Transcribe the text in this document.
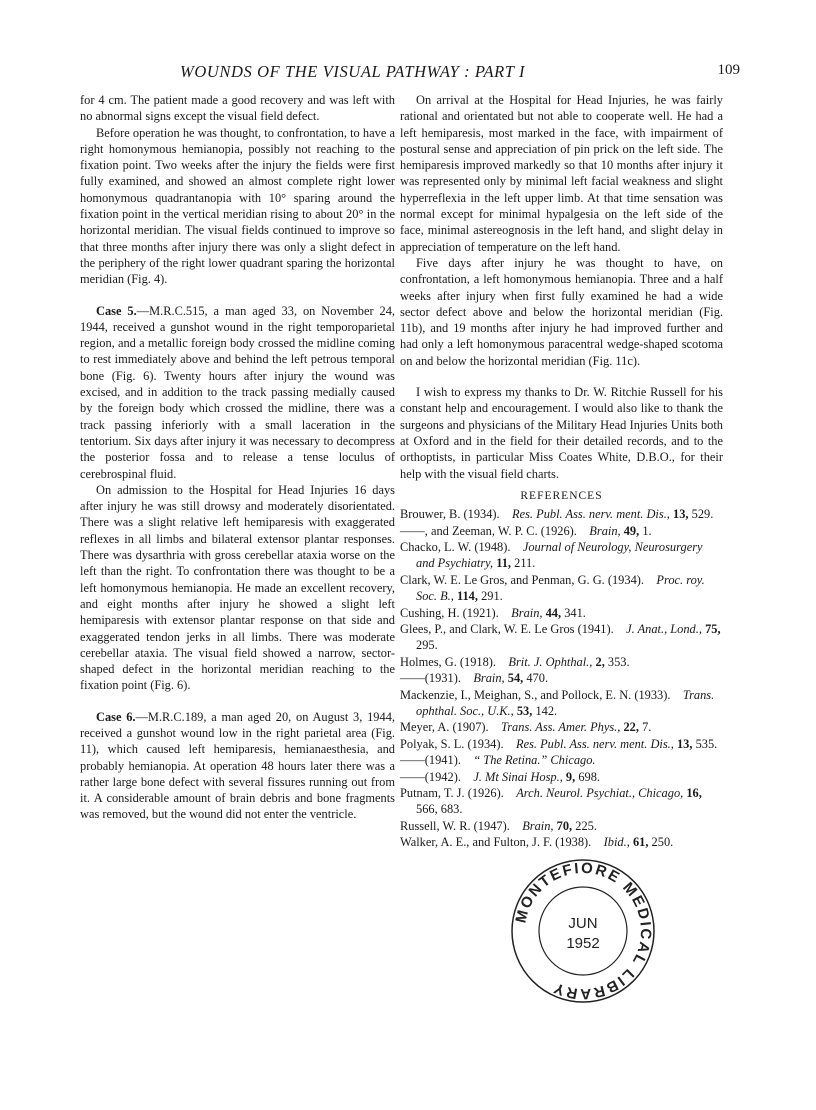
WOUNDS OF THE VISUAL PATHWAY : PART I	109

for 4 cm. The patient made a good recovery and was left with no abnormal signs except the visual field defect.

Before operation he was thought, to confrontation, to have a right homonymous hemianopia, possibly not reaching to the fixation point. Two weeks after the injury the fields were first fully examined, and showed an almost complete right lower homonymous quadrantanopia with 10° sparing around the fixation point in the vertical meridian rising to about 20° in the horizontal meridian. The visual fields continued to improve so that three months after injury there was only a slight defect in the periphery of the right lower quadrant sparing the horizontal meridian (Fig. 4).

Case 5.—M.R.C.515, a man aged 33, on November 24, 1944, received a gunshot wound in the right temporoparietal region, and a metallic foreign body crossed the midline coming to rest immediately above and behind the left petrous temporal bone (Fig. 6). Twenty hours after injury the wound was excised, and in addition to the track passing medially caused by the foreign body which crossed the midline, there was a track passing inferiorly with a small laceration in the tentorium. Six days after injury it was necessary to decompress the posterior fossa and to release a tense loculus of cerebrospinal fluid.

On admission to the Hospital for Head Injuries 16 days after injury he was still drowsy and moderately disorientated. There was a slight relative left hemiparesis with exaggerated reflexes in all limbs and bilateral extensor plantar responses. There was dysarthria with gross cerebellar ataxia worse on the left than the right. To confrontation there was thought to be a left homonymous hemianopia. He made an excellent recovery, and eight months after injury he showed a slight left hemiparesis with extensor plantar response on that side and exaggerated tendon jerks in all limbs. There was moderate cerebellar ataxia. The visual field showed a narrow, sector-shaped defect in the horizontal meridian reaching to the fixation point (Fig. 6).

Case 6.—M.R.C.189, a man aged 20, on August 3, 1944, received a gunshot wound low in the right parietal area (Fig. 11), which caused left hemiparesis, hemianaesthesia, and probably hemianopia. At operation 48 hours later there was a rather large bone defect with several fissures running out from it. A considerable amount of brain debris and bone fragments was removed, but the wound did not enter the ventricle.

On arrival at the Hospital for Head Injuries, he was fairly rational and orientated but not able to cooperate well. He had a left hemiparesis, most marked in the face, with impairment of postural sense and appreciation of pin prick on the left side. The hemiparesis improved markedly so that 10 months after injury it was represented only by minimal left facial weakness and slight hyperreflexia in the left upper limb. At that time sensation was normal except for minimal hypalgesia on the left side of the face, minimal astereognosis in the left hand, and slight delay in appreciation of temperature on the left hand.

Five days after injury he was thought to have, on confrontation, a left homonymous hemianopia. Three and a half weeks after injury when first fully examined he had a wide sector defect above and below the horizontal meridian (Fig. 11b), and 19 months after injury he had improved further and had only a left homonymous paracentral wedge-shaped scotoma on and below the horizontal meridian (Fig. 11c).

I wish to express my thanks to Dr. W. Ritchie Russell for his constant help and encouragement. I would also like to thank the surgeons and physicians of the Military Head Injuries Units both at Oxford and in the field for their detailed records, and to the orthoptists, in particular Miss Coates White, D.B.O., for their help with the visual field charts.

REFERENCES
Brouwer, B. (1934).  Res. Publ. Ass. nerv. ment. Dis., 13, 529.
——, and Zeeman, W. P. C. (1926).  Brain, 49, 1.
Chacko, L. W. (1948).  Journal of Neurology, Neurosurgery and Psychiatry, 11, 211.
Clark, W. E. Le Gros, and Penman, G. G. (1934).  Proc. roy. Soc. B., 114, 291.
Cushing, H. (1921).  Brain, 44, 341.
Glees, P., and Clark, W. E. Le Gros (1941).  J. Anat., Lond., 75, 295.
Holmes, G. (1918).  Brit. J. Ophthal., 2, 353.
——(1931).  Brain, 54, 470.
Mackenzie, I., Meighan, S., and Pollock, E. N. (1933).  Trans. ophthal. Soc., U.K., 53, 142.
Meyer, A. (1907).  Trans. Ass. Amer. Phys., 22, 7.
Polyak, S. L. (1934).  Res. Publ. Ass. nerv. ment. Dis., 13, 535.
——(1941).  “ The Retina.” Chicago.
——(1942).  J. Mt Sinai Hosp., 9, 698.
Putnam, T. J. (1926).  Arch. Neurol. Psychiat., Chicago, 16, 566, 683.
Russell, W. R. (1947).  Brain, 70, 225.
Walker, A. E., and Fulton, J. F. (1938).  Ibid., 61, 250.
MONTEFIORE MEDICAL LIBRARY
JUN
1952
